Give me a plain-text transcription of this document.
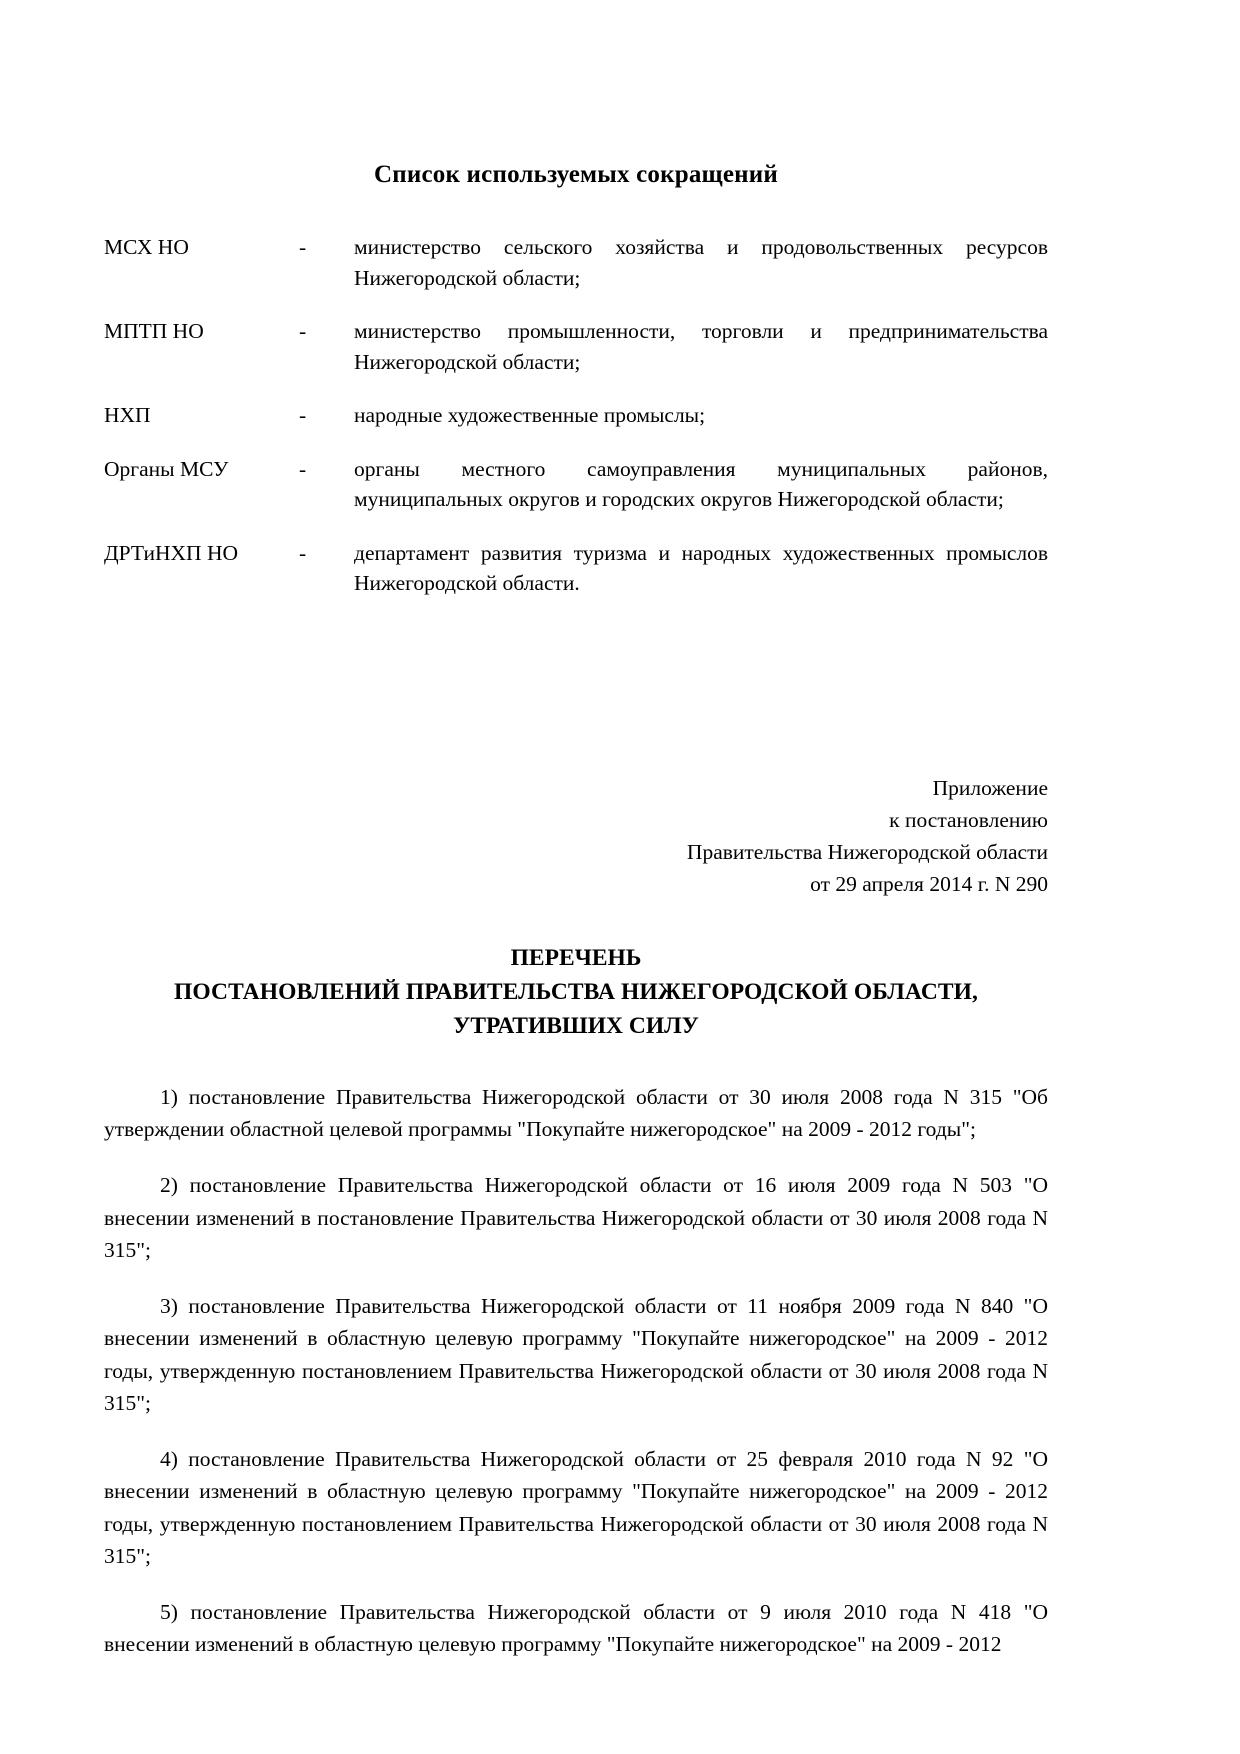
Список используемых сокращений
МСХ НО	-	министерство сельского хозяйства и продовольственных ресурсов Нижегородской области;
МПТП НО	-	министерство промышленности, торговли и предпринимательства Нижегородской области;
НХП	-	народные художественные промыслы;
Органы МСУ	-	органы местного самоуправления муниципальных районов, муниципальных округов и городских округов Нижегородской области;
ДРТиНХП НО	-	департамент развития туризма и народных художественных промыслов Нижегородской области.
Приложение
к постановлению
Правительства Нижегородской области
от 29 апреля 2014 г. N 290
ПЕРЕЧЕНЬ
ПОСТАНОВЛЕНИЙ ПРАВИТЕЛЬСТВА НИЖЕГОРОДСКОЙ ОБЛАСТИ,
УТРАТИВШИХ СИЛУ

1) постановление Правительства Нижегородской области от 30 июля 2008 года N 315 "Об утверждении областной целевой программы "Покупайте нижегородское" на 2009 - 2012 годы";

2) постановление Правительства Нижегородской области от 16 июля 2009 года N 503 "О внесении изменений в постановление Правительства Нижегородской области от 30 июля 2008 года N 315";

3) постановление Правительства Нижегородской области от 11 ноября 2009 года N 840 "О внесении изменений в областную целевую программу "Покупайте нижегородское" на 2009 - 2012 годы, утвержденную постановлением Правительства Нижегородской области от 30 июля 2008 года N 315";

4) постановление Правительства Нижегородской области от 25 февраля 2010 года N 92 "О внесении изменений в областную целевую программу "Покупайте нижегородское" на 2009 - 2012 годы, утвержденную постановлением Правительства Нижегородской области от 30 июля 2008 года N 315";

5) постановление Правительства Нижегородской области от 9 июля 2010 года N 418 "О внесении изменений в областную целевую программу "Покупайте нижегородское" на 2009 - 2012
